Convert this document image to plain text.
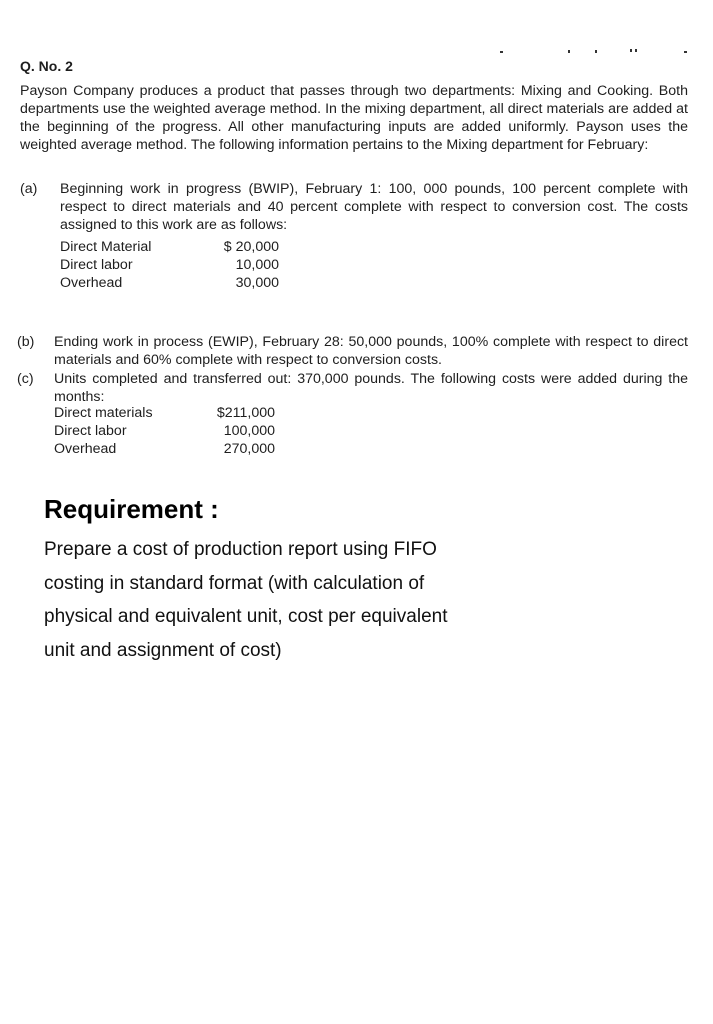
Q. No. 2

Payson Company produces a product that passes through two departments: Mixing and Cooking. Both departments use the weighted average method. In the mixing department, all direct materials are added at the beginning of the progress. All other manufacturing inputs are added uniformly. Payson uses the weighted average method. The following information pertains to the Mixing department for February:

(a) Beginning work in progress (BWIP), February 1: 100, 000 pounds, 100 percent complete with respect to direct materials and 40 percent complete with respect to conversion cost. The costs assigned to this work are as follows:
Direct Material	$ 20,000
Direct labor	10,000
Overhead	30,000
(b) Ending work in process (EWIP), February 28: 50,000 pounds, 100% complete with respect to direct materials and 60% complete with respect to conversion costs.
(c) Units completed and transferred out: 370,000 pounds. The following costs were added during the months:
Direct materials	$211,000
Direct labor	100,000
Overhead	270,000
Requirement :

Prepare a cost of production report using FIFO costing in standard format (with calculation of physical and equivalent unit, cost per equivalent unit and assignment of cost)
